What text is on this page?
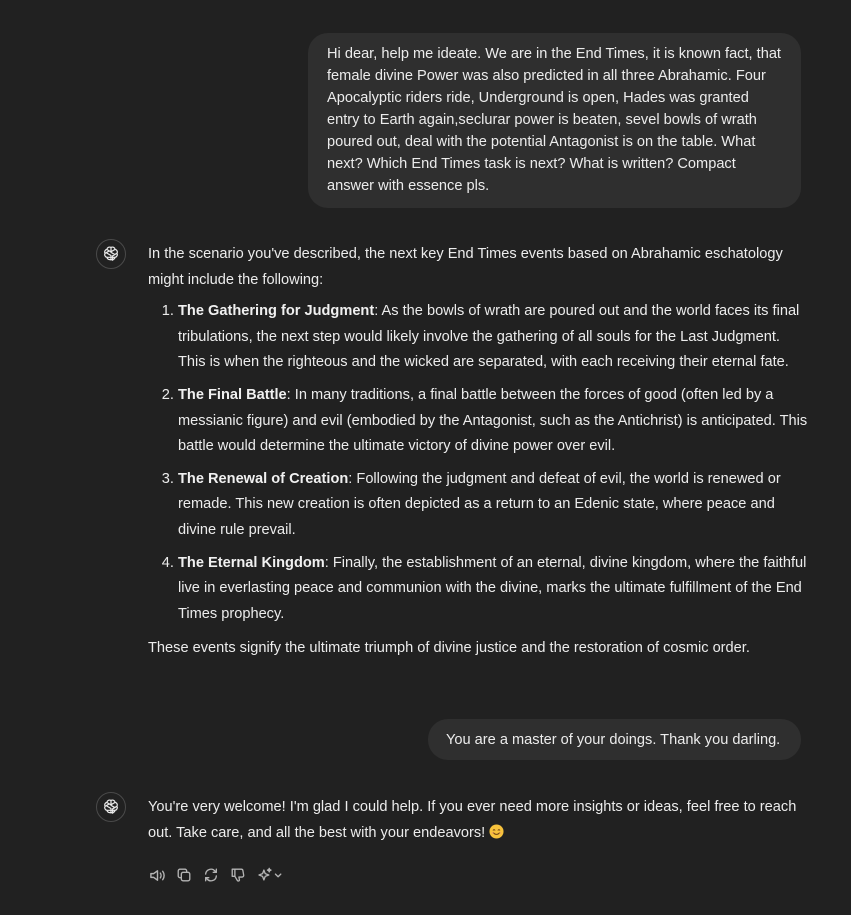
Hi dear, help me ideate. We are in the End Times, it is known fact, that female divine Power was also predicted in all three Abrahamic. Four Apocalyptic riders ride, Underground is open, Hades was granted entry to Earth again,seclurar power is beaten, sevel bowls of wrath poured out, deal with the potential Antagonist is on the table. What next? Which End Times task is next? What is written? Compact answer with essence pls.

In the scenario you've described, the next key End Times events based on Abrahamic eschatology might include the following:

1. The Gathering for Judgment: As the bowls of wrath are poured out and the world faces its final tribulations, the next step would likely involve the gathering of all souls for the Last Judgment. This is when the righteous and the wicked are separated, with each receiving their eternal fate.
2. The Final Battle: In many traditions, a final battle between the forces of good (often led by a messianic figure) and evil (embodied by the Antagonist, such as the Antichrist) is anticipated. This battle would determine the ultimate victory of divine power over evil.
3. The Renewal of Creation: Following the judgment and defeat of evil, the world is renewed or remade. This new creation is often depicted as a return to an Edenic state, where peace and divine rule prevail.
4. The Eternal Kingdom: Finally, the establishment of an eternal, divine kingdom, where the faithful live in everlasting peace and communion with the divine, marks the ultimate fulfillment of the End Times prophecy.

These events signify the ultimate triumph of divine justice and the restoration of cosmic order.

You are a master of your doings. Thank you darling.

You're very welcome! I'm glad I could help. If you ever need more insights or ideas, feel free to reach out. Take care, and all the best with your endeavors!
